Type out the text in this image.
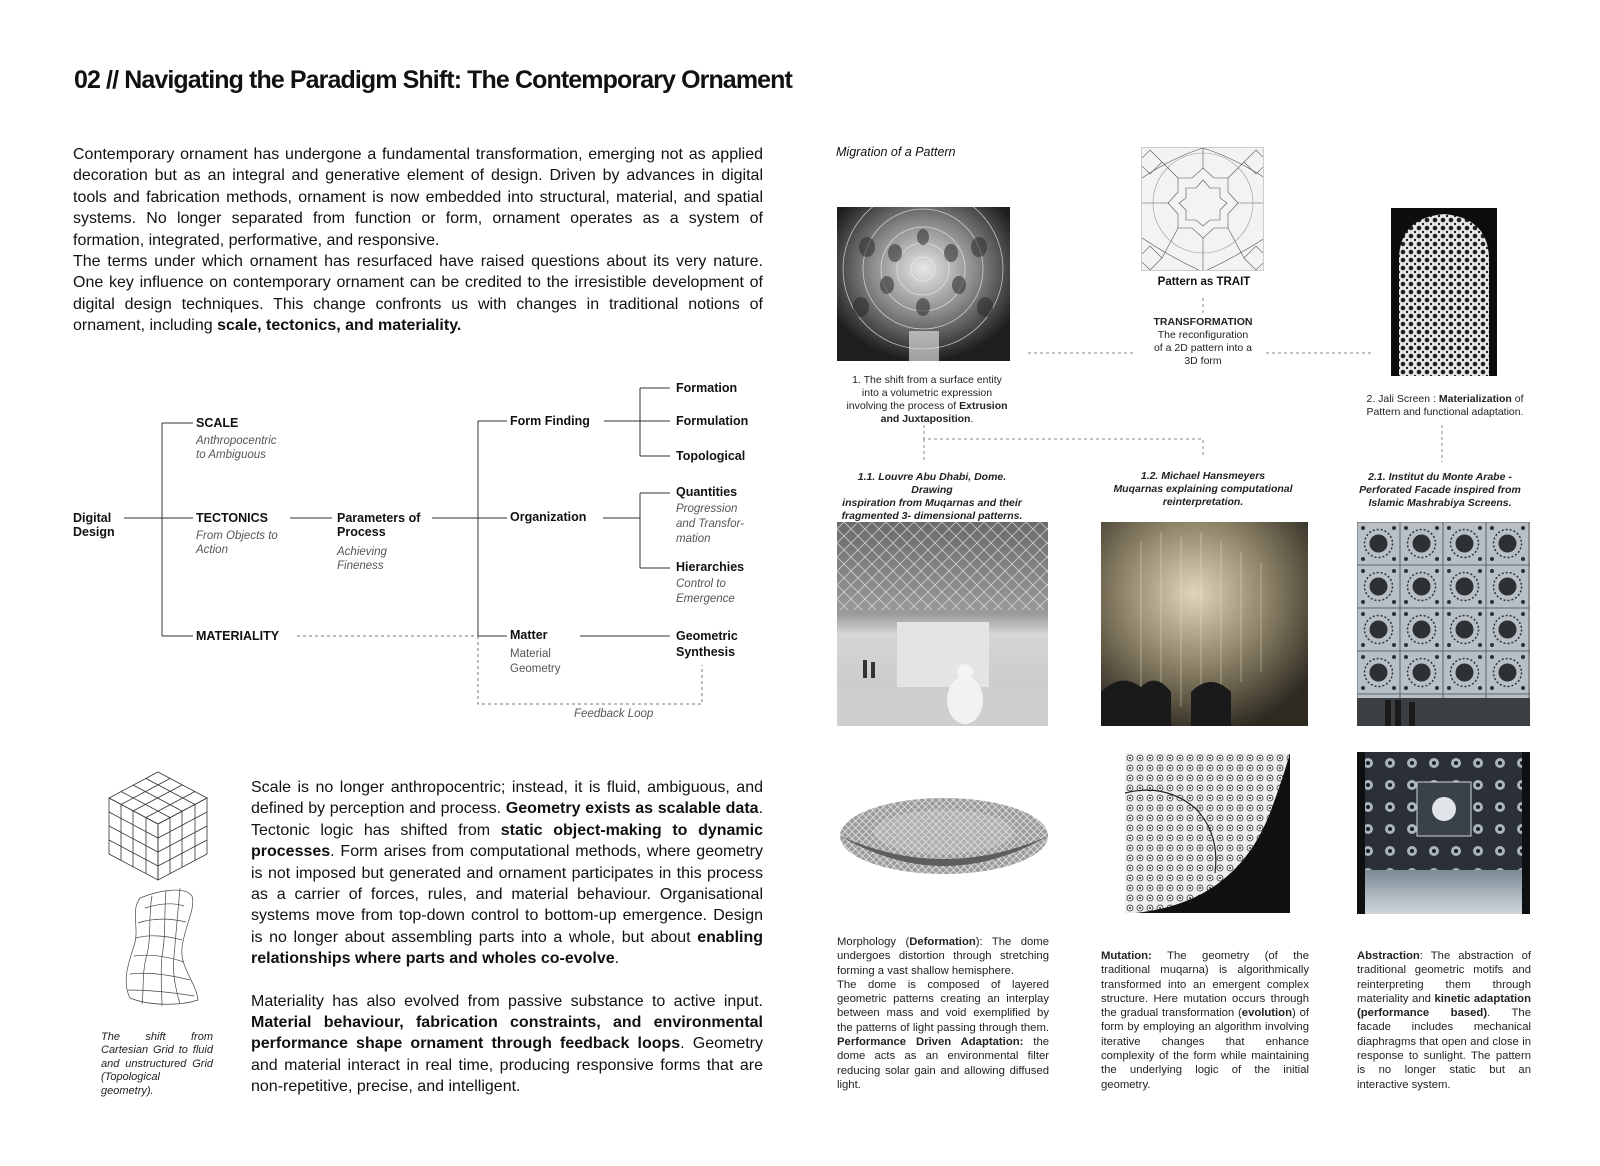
02 // Navigating the Paradigm Shift: The Contemporary Ornament

Contemporary ornament has undergone a fundamental transformation, emerging not as applied decoration but as an integral and generative element of design. Driven by advances in digital tools and fabrication methods, ornament is now embedded into structural, material, and spatial systems. No longer separated from function or form, ornament operates as a system of formation, integrated, performative, and responsive.

The terms under which ornament has resurfaced have raised questions about its very nature. One key influence on contemporary ornament can be credited to the irresistible development of digital design techniques. This change confronts us with changes in traditional notions of ornament, including scale, tectonics, and materiality.

Digital
Design
SCALE
Anthropocentric
to Ambiguous
TECTONICS
From Objects to
Action
MATERIALITY
Parameters of
Process
Achieving
Fineness
Form Finding
Organization
Matter
Material
Geometry
Formation
Formulation
Topological
Quantities
Progression
and Transfor-
mation
Hierarchies
Control to
Emergence
Geometric
Synthesis
Feedback Loop
The shift from Cartesian Grid to fluid and unstructured Grid (Topological geometry).

Scale is no longer anthropocentric; instead, it is fluid, ambiguous, and defined by perception and process. Geometry exists as scalable data. Tectonic logic has shifted from static object-making to dynamic processes. Form arises from computational methods, where geometry is not imposed but generated and ornament participates in this process as a carrier of forces, rules, and material behaviour. Organisational systems move from top-down control to bottom-up emergence. Design is no longer about assembling parts into a whole, but about enabling relationships where parts and wholes co-evolve.

Materiality has also evolved from passive substance to active input. Material behaviour, fabrication constraints, and environmental performance shape ornament through feedback loops. Geometry and material interact in real time, producing responsive forms that are non-repetitive, precise, and intelligent.

Migration of a Pattern
1. The shift from a surface entity
into a volumetric expression
involving the process of Extrusion
and Juxtaposition.
Pattern as TRAIT
TRANSFORMATION
The reconfiguration
of a 2D pattern into a
3D form
2. Jali Screen : Materialization of
Pattern and functional adaptation.
1.1. Louvre Abu Dhabi, Dome. Drawing
inspiration from Muqarnas and their
fragmented 3- dimensional patterns.
1.2. Michael Hansmeyers
Muqarnas explaining computational
reinterpretation.
2.1. Institut du Monte Arabe -
Perforated Facade inspired from
Islamic Mashrabiya Screens.
Morphology (Deformation): The dome undergoes distortion through stretching forming a vast shallow hemisphere.
The dome is composed of layered geometric patterns creating an interplay between mass and void exemplified by the patterns of light passing through them. Performance Driven Adaptation: the dome acts as an environmental filter reducing solar gain and allowing diffused light.
Mutation: The geometry (of the traditional muqarna) is algorithmically transformed into an emergent complex structure. Here mutation occurs through the gradual transformation (evolution) of form by employing an algorithm involving iterative changes that enhance complexity of the form while maintaining the underlying logic of the initial geometry.
Abstraction: The abstraction of traditional geometric motifs and reinterpreting them through materiality and kinetic adaptation (performance based). The facade includes mechanical diaphragms that open and close in response to sunlight. The pattern is no longer static but an interactive system.
